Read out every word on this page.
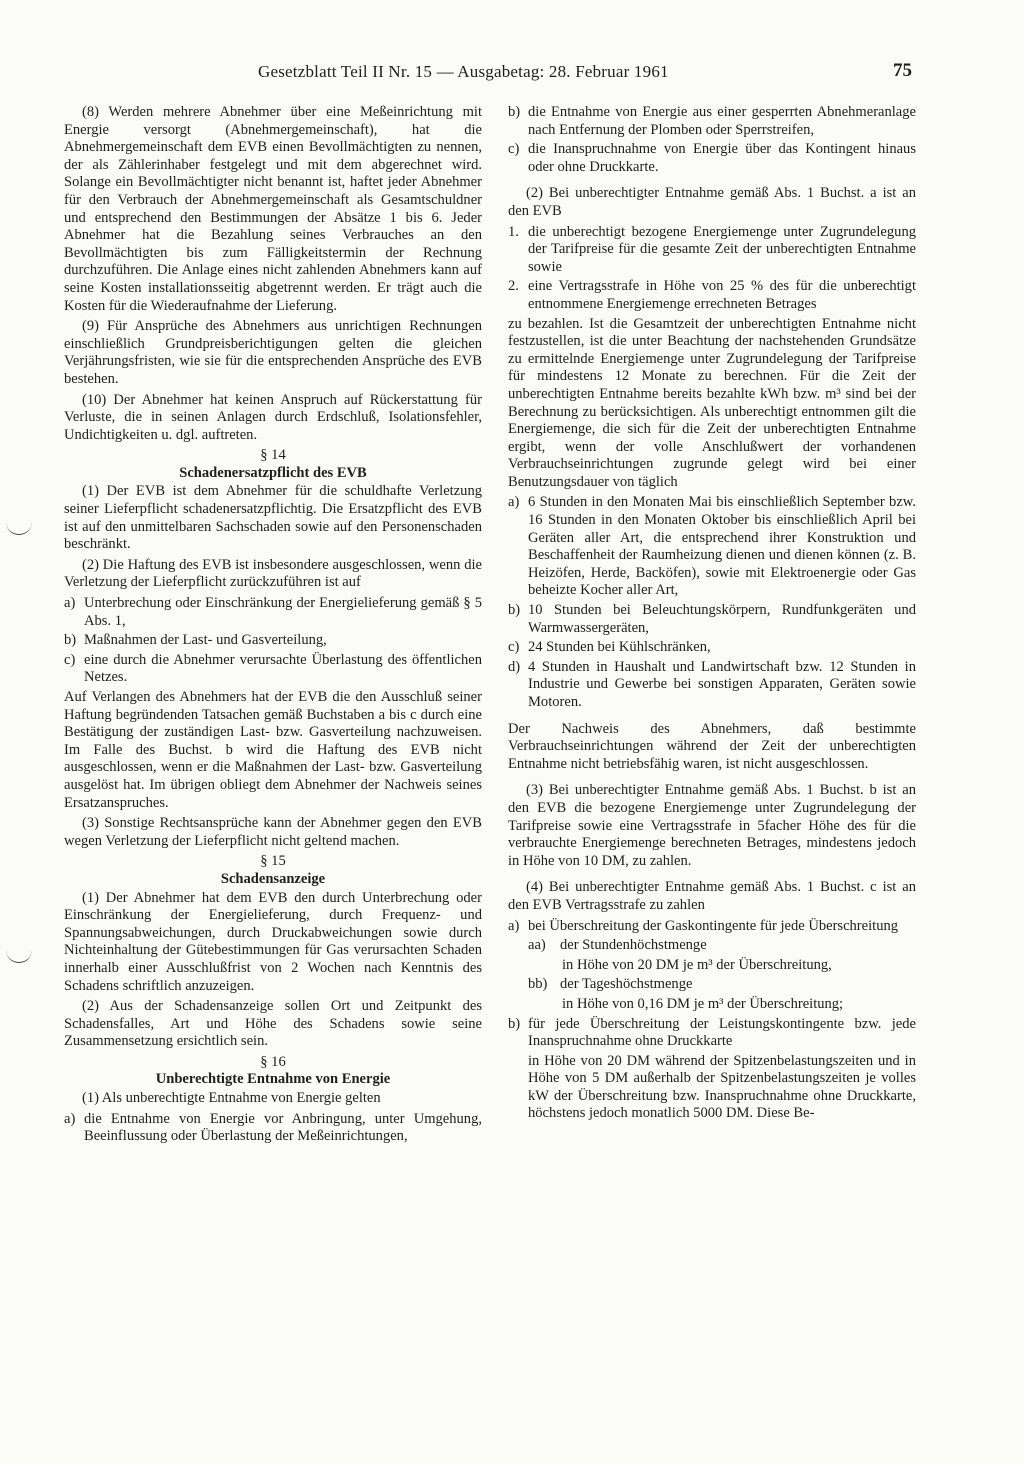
Gesetzblatt Teil II Nr. 15 — Ausgabetag: 28. Februar 1961	75

(8) Werden mehrere Abnehmer über eine Meßeinrichtung mit Energie versorgt (Abnehmergemeinschaft), hat die Abnehmergemeinschaft dem EVB einen Bevollmächtigten zu nennen, der als Zählerinhaber festgelegt und mit dem abgerechnet wird. Solange ein Bevollmächtigter nicht benannt ist, haftet jeder Abnehmer für den Verbrauch der Abnehmergemeinschaft als Gesamtschuldner und entsprechend den Bestimmungen der Absätze 1 bis 6. Jeder Abnehmer hat die Bezahlung seines Verbrauches an den Bevollmächtigten bis zum Fälligkeitstermin der Rechnung durchzuführen. Die Anlage eines nicht zahlenden Abnehmers kann auf seine Kosten installationsseitig abgetrennt werden. Er trägt auch die Kosten für die Wiederaufnahme der Lieferung.

(9) Für Ansprüche des Abnehmers aus unrichtigen Rechnungen einschließlich Grundpreisberichtigungen gelten die gleichen Verjährungsfristen, wie sie für die entsprechenden Ansprüche des EVB bestehen.

(10) Der Abnehmer hat keinen Anspruch auf Rückerstattung für Verluste, die in seinen Anlagen durch Erdschluß, Isolationsfehler, Undichtigkeiten u. dgl. auftreten.

§ 14
Schadenersatzpflicht des EVB

(1) Der EVB ist dem Abnehmer für die schuldhafte Verletzung seiner Lieferpflicht schadenersatzpflichtig. Die Ersatzpflicht des EVB ist auf den unmittelbaren Sachschaden sowie auf den Personenschaden beschränkt.

(2) Die Haftung des EVB ist insbesondere ausgeschlossen, wenn die Verletzung der Lieferpflicht zurückzuführen ist auf

a) Unterbrechung oder Einschränkung der Energielieferung gemäß § 5 Abs. 1,
b) Maßnahmen der Last- und Gasverteilung,
c) eine durch die Abnehmer verursachte Überlastung des öffentlichen Netzes.

Auf Verlangen des Abnehmers hat der EVB die den Ausschluß seiner Haftung begründenden Tatsachen gemäß Buchstaben a bis c durch eine Bestätigung der zuständigen Last- bzw. Gasverteilung nachzuweisen. Im Falle des Buchst. b wird die Haftung des EVB nicht ausgeschlossen, wenn er die Maßnahmen der Last- bzw. Gasverteilung ausgelöst hat. Im übrigen obliegt dem Abnehmer der Nachweis seines Ersatzanspruches.

(3) Sonstige Rechtsansprüche kann der Abnehmer gegen den EVB wegen Verletzung der Lieferpflicht nicht geltend machen.

§ 15
Schadensanzeige

(1) Der Abnehmer hat dem EVB den durch Unterbrechung oder Einschränkung der Energielieferung, durch Frequenz- und Spannungsabweichungen, durch Druckabweichungen sowie durch Nichteinhaltung der Gütebestimmungen für Gas verursachten Schaden innerhalb einer Ausschlußfrist von 2 Wochen nach Kenntnis des Schadens schriftlich anzuzeigen.

(2) Aus der Schadensanzeige sollen Ort und Zeitpunkt des Schadensfalles, Art und Höhe des Schadens sowie seine Zusammensetzung ersichtlich sein.

§ 16
Unberechtigte Entnahme von Energie

(1) Als unberechtigte Entnahme von Energie gelten

a) die Entnahme von Energie vor Anbringung, unter Umgehung, Beeinflussung oder Überlastung der Meßeinrichtungen,
b) die Entnahme von Energie aus einer gesperrten Abnehmeranlage nach Entfernung der Plomben oder Sperrstreifen,
c) die Inanspruchnahme von Energie über das Kontingent hinaus oder ohne Druckkarte.

(2) Bei unberechtigter Entnahme gemäß Abs. 1 Buchst. a ist an den EVB

1. die unberechtigt bezogene Energiemenge unter Zugrundelegung der Tarifpreise für die gesamte Zeit der unberechtigten Entnahme sowie
2. eine Vertragsstrafe in Höhe von 25 % des für die unberechtigt entnommene Energiemenge errechneten Betrages

zu bezahlen. Ist die Gesamtzeit der unberechtigten Entnahme nicht festzustellen, ist die unter Beachtung der nachstehenden Grundsätze zu ermittelnde Energiemenge unter Zugrundelegung der Tarifpreise für mindestens 12 Monate zu berechnen. Für die Zeit der unberechtigten Entnahme bereits bezahlte kWh bzw. m³ sind bei der Berechnung zu berücksichtigen. Als unberechtigt entnommen gilt die Energiemenge, die sich für die Zeit der unberechtigten Entnahme ergibt, wenn der volle Anschlußwert der vorhandenen Verbrauchseinrichtungen zugrunde gelegt wird bei einer Benutzungsdauer von täglich

a) 6 Stunden in den Monaten Mai bis einschließlich September bzw. 16 Stunden in den Monaten Oktober bis einschließlich April bei Geräten aller Art, die entsprechend ihrer Konstruktion und Beschaffenheit der Raumheizung dienen und dienen können (z. B. Heizöfen, Herde, Backöfen), sowie mit Elektroenergie oder Gas beheizte Kocher aller Art,
b) 10 Stunden bei Beleuchtungskörpern, Rundfunkgeräten und Warmwassergeräten,
c) 24 Stunden bei Kühlschränken,
d) 4 Stunden in Haushalt und Landwirtschaft bzw. 12 Stunden in Industrie und Gewerbe bei sonstigen Apparaten, Geräten sowie Motoren.

Der Nachweis des Abnehmers, daß bestimmte Verbrauchseinrichtungen während der Zeit der unberechtigten Entnahme nicht betriebsfähig waren, ist nicht ausgeschlossen.

(3) Bei unberechtigter Entnahme gemäß Abs. 1 Buchst. b ist an den EVB die bezogene Energiemenge unter Zugrundelegung der Tarifpreise sowie eine Vertragsstrafe in 5facher Höhe des für die verbrauchte Energiemenge berechneten Betrages, mindestens jedoch in Höhe von 10 DM, zu zahlen.

(4) Bei unberechtigter Entnahme gemäß Abs. 1 Buchst. c ist an den EVB Vertragsstrafe zu zahlen

a) bei Überschreitung der Gaskontingente für jede Überschreitung
aa) der Stundenhöchstmenge
in Höhe von 20 DM je m³ der Überschreitung,
bb) der Tageshöchstmenge
in Höhe von 0,16 DM je m³ der Überschreitung;
b) für jede Überschreitung der Leistungskontingente bzw. jede Inanspruchnahme ohne Druckkarte
in Höhe von 20 DM während der Spitzenbelastungszeiten und in Höhe von 5 DM außerhalb der Spitzenbelastungszeiten je volles kW der Überschreitung bzw. Inanspruchnahme ohne Druckkarte, höchstens jedoch monatlich 5000 DM. Diese Be-
